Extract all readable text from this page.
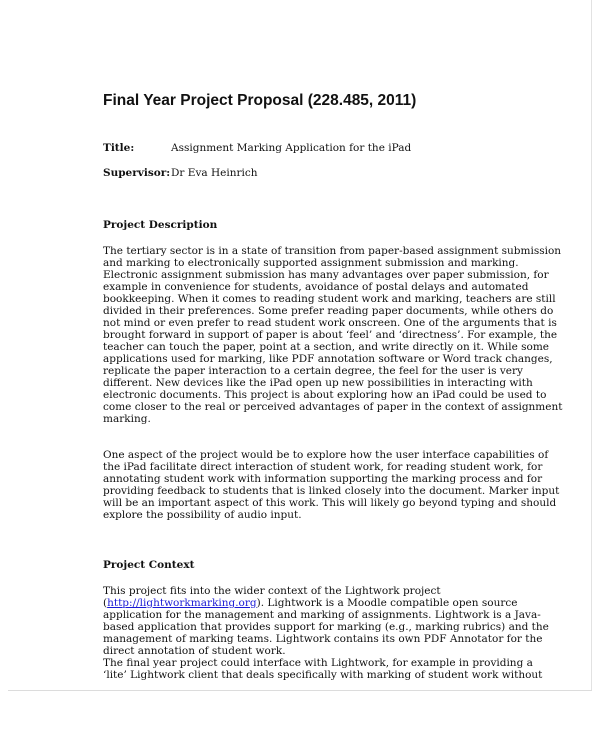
Final Year Project Proposal (228.485, 2011)
Title:	Assignment Marking Application for the iPad
Supervisor: Dr Eva Heinrich
Project Description
The tertiary sector is in a state of transition from paper-based assignment submission
and marking to electronically supported assignment submission and marking.
Electronic assignment submission has many advantages over paper submission, for
example in convenience for students, avoidance of postal delays and automated
bookkeeping. When it comes to reading student work and marking, teachers are still
divided in their preferences. Some prefer reading paper documents, while others do
not mind or even prefer to read student work onscreen. One of the arguments that is
brought forward in support of paper is about ‘feel’ and ‘directness’. For example, the
teacher can touch the paper, point at a section, and write directly on it. While some
applications used for marking, like PDF annotation software or Word track changes,
replicate the paper interaction to a certain degree, the feel for the user is very
different. New devices like the iPad open up new possibilities in interacting with
electronic documents. This project is about exploring how an iPad could be used to
come closer to the real or perceived advantages of paper in the context of assignment
marking.
One aspect of the project would be to explore how the user interface capabilities of
the iPad facilitate direct interaction of student work, for reading student work, for
annotating student work with information supporting the marking process and for
providing feedback to students that is linked closely into the document. Marker input
will be an important aspect of this work. This will likely go beyond typing and should
explore the possibility of audio input.
Project Context
This project fits into the wider context of the Lightwork project
(http://lightworkmarking.org). Lightwork is a Moodle compatible open source
application for the management and marking of assignments. Lightwork is a Java-
based application that provides support for marking (e.g., marking rubrics) and the
management of marking teams. Lightwork contains its own PDF Annotator for the
direct annotation of student work.
The final year project could interface with Lightwork, for example in providing a
‘lite’ Lightwork client that deals specifically with marking of student work without
